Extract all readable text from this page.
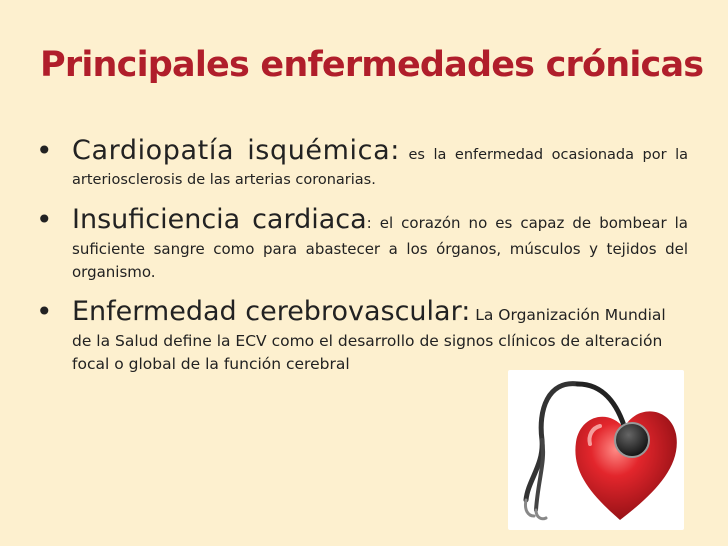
Principales enfermedades crónicas
• Cardiopatía isquémica: es la enfermedad ocasionada por la arteriosclerosis de las arterias coronarias.
• Insuficiencia cardiaca: el corazón no es capaz de bombear la suficiente sangre como para abastecer a los órganos, músculos y tejidos del organismo.
• Enfermedad cerebrovascular: La Organización Mundial de la Salud define la ECV como el desarrollo de signos clínicos de alteración focal o global de la función cerebral
